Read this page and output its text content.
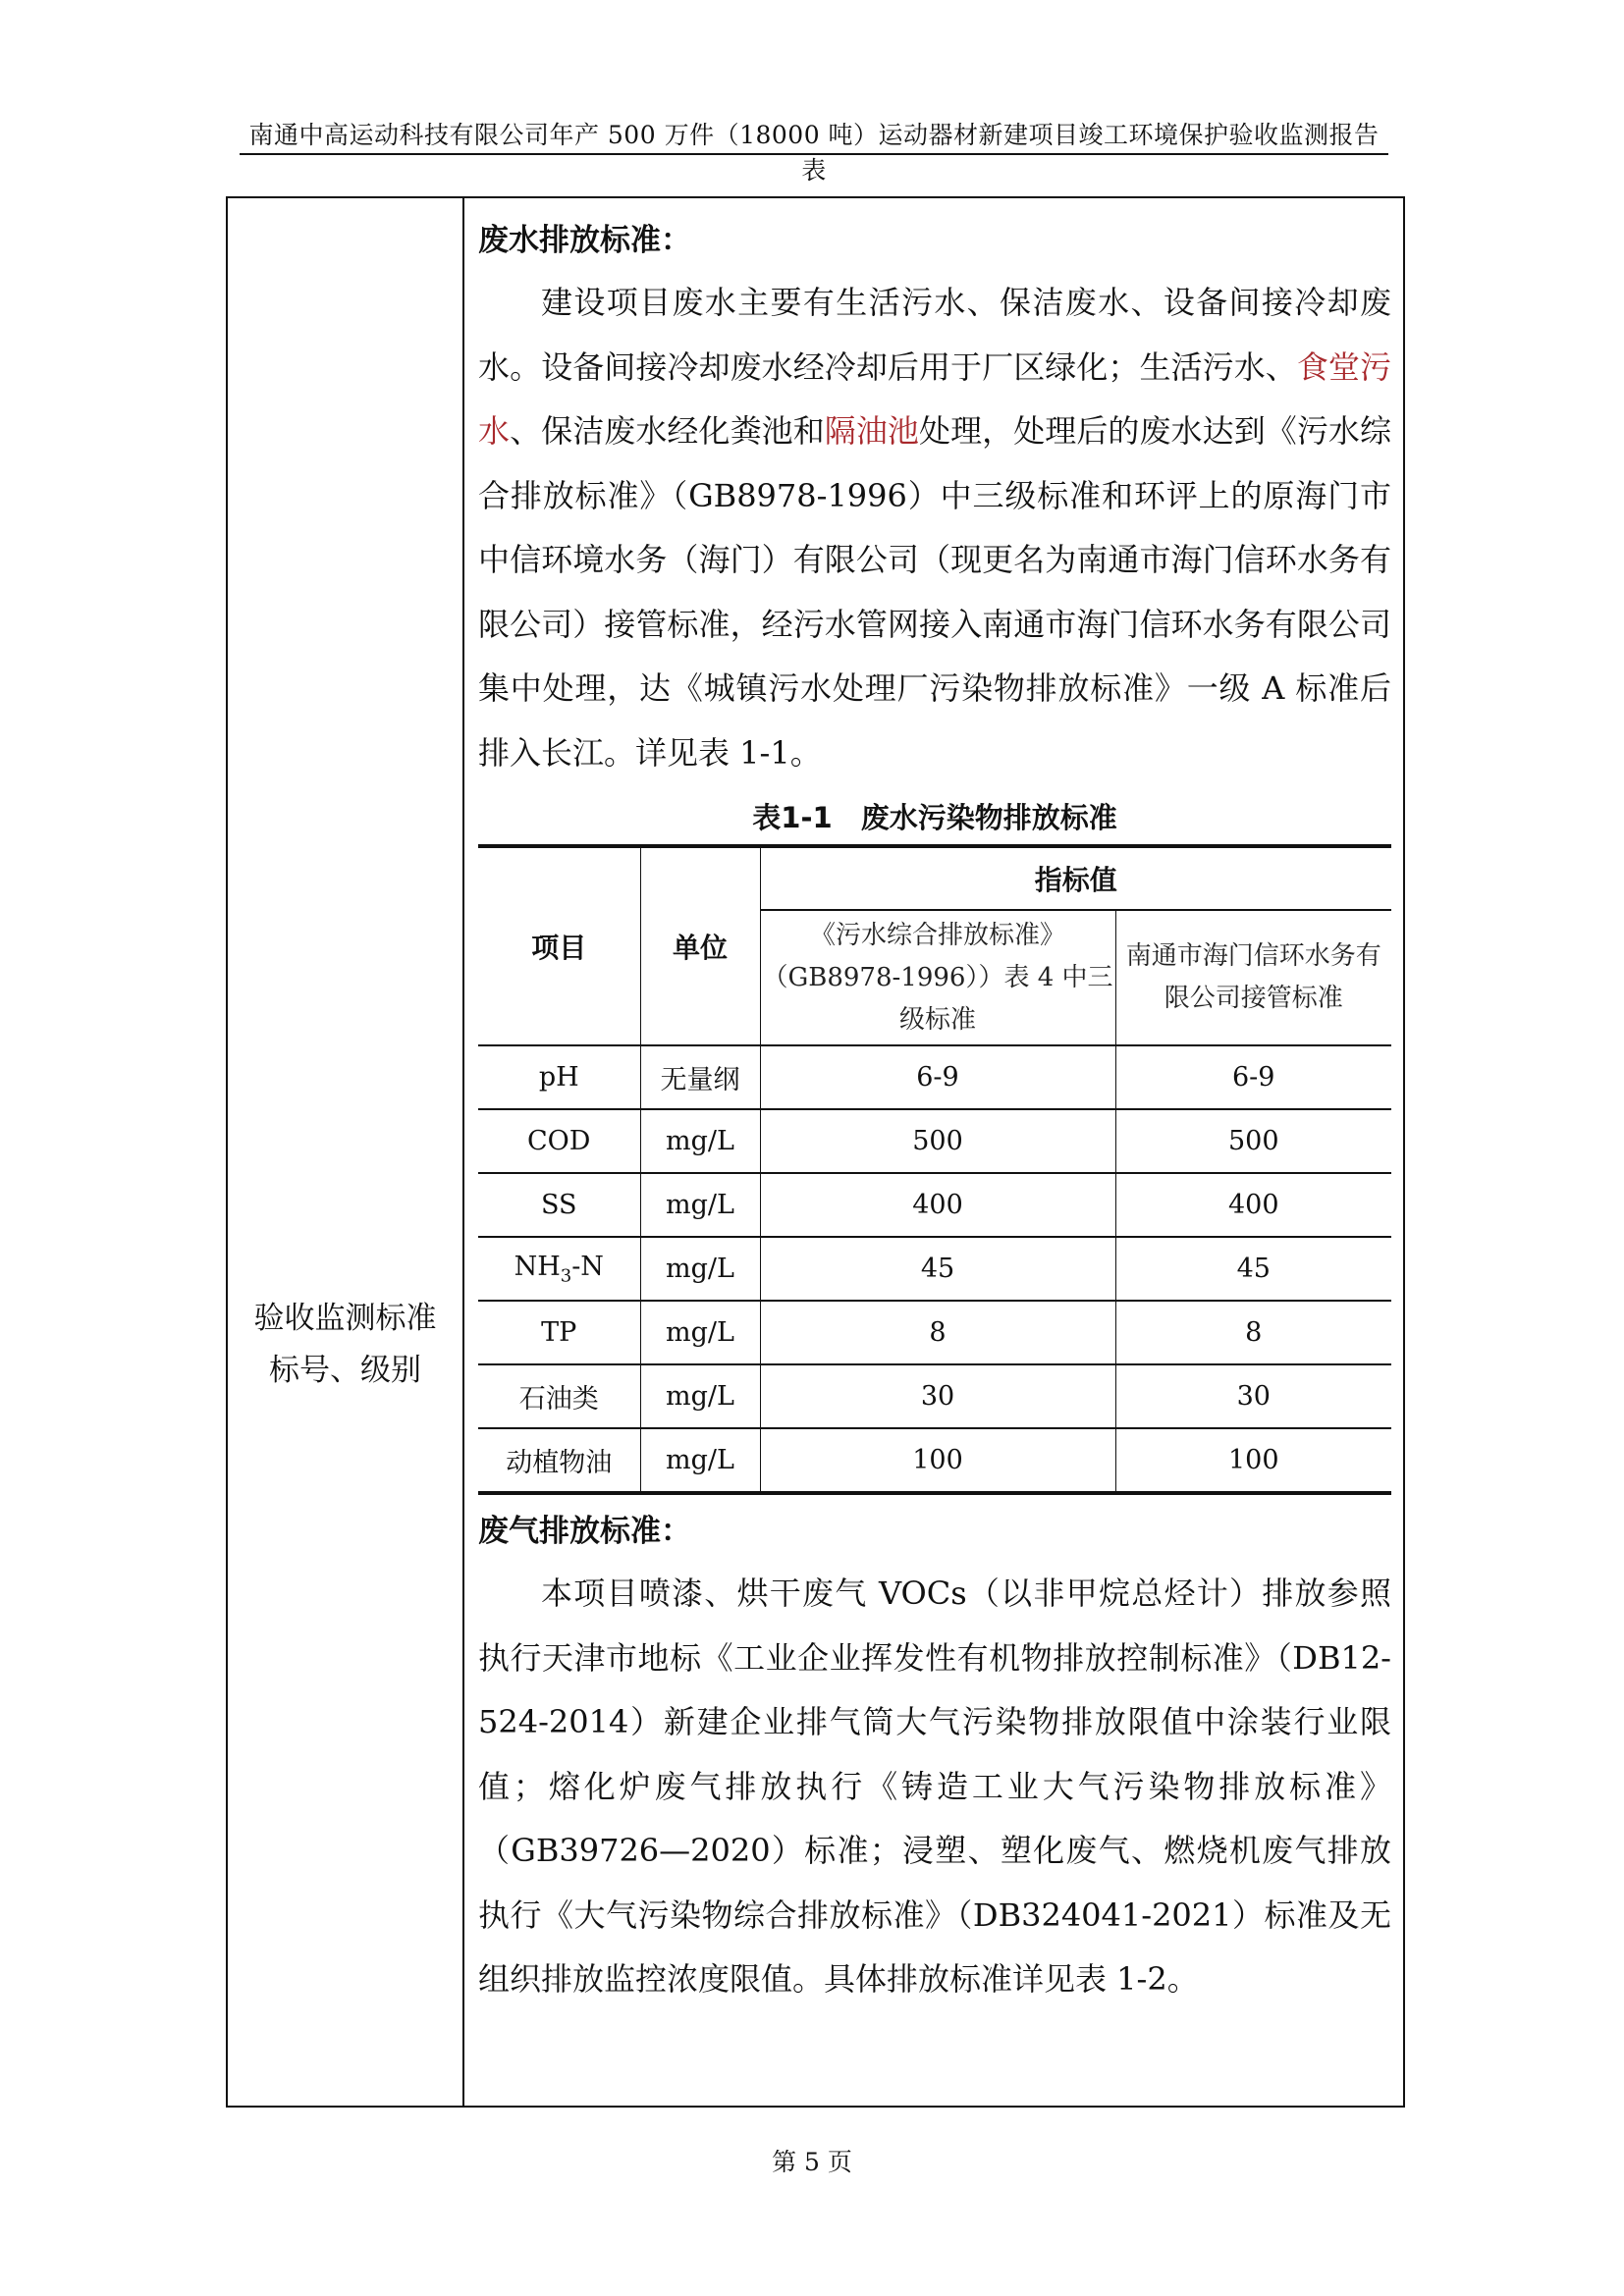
南通中高运动科技有限公司年产 500 万件（18000 吨）运动器材新建项目竣工环境保护验收监测报告表
验收监测标准
标号、级别
废水排放标准：

建设项目废水主要有生活污水、保洁废水、设备间接冷却废水。设备间接冷却废水经冷却后用于厂区绿化；生活污水、食堂污水、保洁废水经化粪池和隔油池处理，处理后的废水达到《污水综合排放标准》（GB8978-1996）中三级标准和环评上的原海门市中信环境水务（海门）有限公司（现更名为南通市海门信环水务有限公司）接管标准，经污水管网接入南通市海门信环水务有限公司集中处理，达《城镇污水处理厂污染物排放标准》一级 A 标准后排入长江。详见表 1-1。

表1-1　废水污染物排放标准
项目	单位	指标值	
		《污水综合排放标准》（GB8978-1996））表 4 中三级标准	南通市海门信环水务有限公司接管标准
pH	无量纲	6-9	6-9
COD	mg/L	500	500
SS	mg/L	400	400
$NH_3-N$	mg/L	45	45
TP	mg/L	8	8
石油类	mg/L	30	30
动植物油	mg/L	100	100
废气排放标准：

本项目喷漆、烘干废气 VOCs（以非甲烷总烃计）排放参照执行天津市地标《工业企业挥发性有机物排放控制标准》（DB12-524-2014）新建企业排气筒大气污染物排放限值中涂装行业限值；熔化炉废气排放执行《铸造工业大气污染物排放标准》（GB39726—2020）标准；浸塑、塑化废气、燃烧机废气排放执行《大气污染物综合排放标准》（DB324041-2021）标准及无组织排放监控浓度限值。具体排放标准详见表 1-2。

第 5 页
